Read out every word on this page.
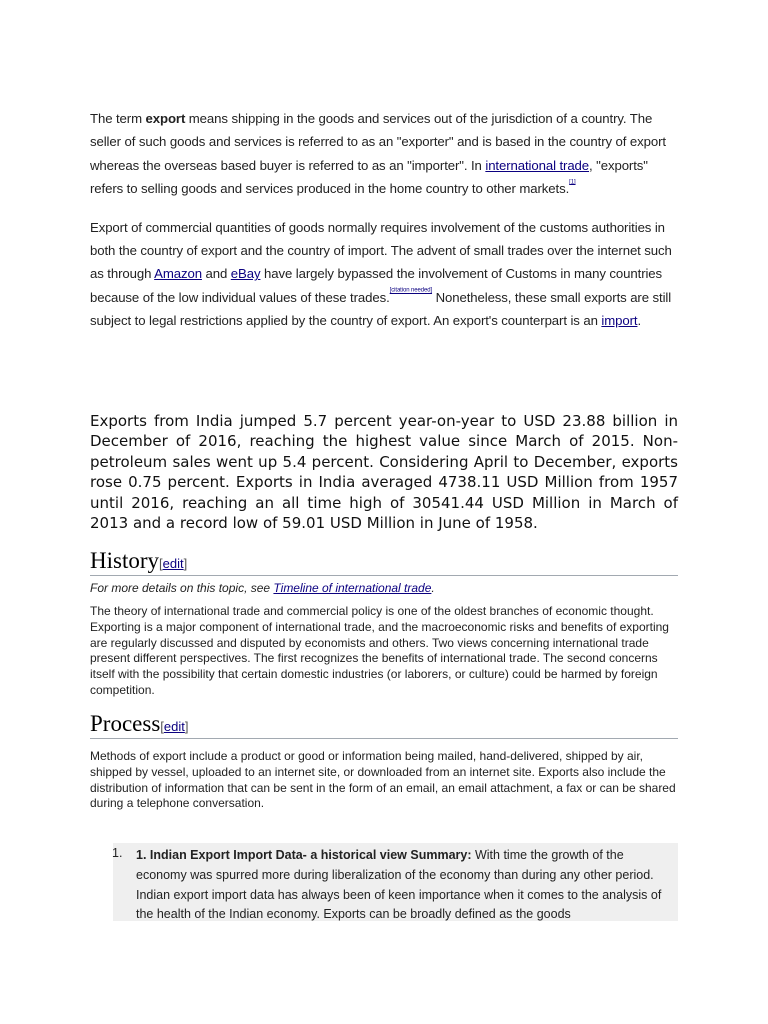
The term export means shipping in the goods and services out of the jurisdiction of a country. The seller of such goods and services is referred to as an "exporter" and is based in the country of export whereas the overseas based buyer is referred to as an "importer". In international trade, "exports" refers to selling goods and services produced in the home country to other markets.[1]

Export of commercial quantities of goods normally requires involvement of the customs authorities in both the country of export and the country of import. The advent of small trades over the internet such as through Amazon and eBay have largely bypassed the involvement of Customs in many countries because of the low individual values of these trades.[citation needed] Nonetheless, these small exports are still subject to legal restrictions applied by the country of export. An export's counterpart is an import.

Exports from India jumped 5.7 percent year-on-year to USD 23.88 billion in December of 2016, reaching the highest value since March of 2015. Non-petroleum sales went up 5.4 percent. Considering April to December, exports rose 0.75 percent. Exports in India averaged 4738.11 USD Million from 1957 until 2016, reaching an all time high of 30541.44 USD Million in March of 2013 and a record low of 59.01 USD Million in June of 1958.

History[edit]

For more details on this topic, see Timeline of international trade.

The theory of international trade and commercial policy is one of the oldest branches of economic thought. Exporting is a major component of international trade, and the macroeconomic risks and benefits of exporting are regularly discussed and disputed by economists and others. Two views concerning international trade present different perspectives. The first recognizes the benefits of international trade. The second concerns itself with the possibility that certain domestic industries (or laborers, or culture) could be harmed by foreign competition.

Process[edit]

Methods of export include a product or good or information being mailed, hand-delivered, shipped by air, shipped by vessel, uploaded to an internet site, or downloaded from an internet site. Exports also include the distribution of information that can be sent in the form of an email, an email attachment, a fax or can be shared during a telephone conversation.

1. 1. Indian Export Import Data- a historical view Summary: With time the growth of the economy was spurred more during liberalization of the economy than during any other period. Indian export import data has always been of keen importance when it comes to the analysis of the health of the Indian economy. Exports can be broadly defined as the goods
